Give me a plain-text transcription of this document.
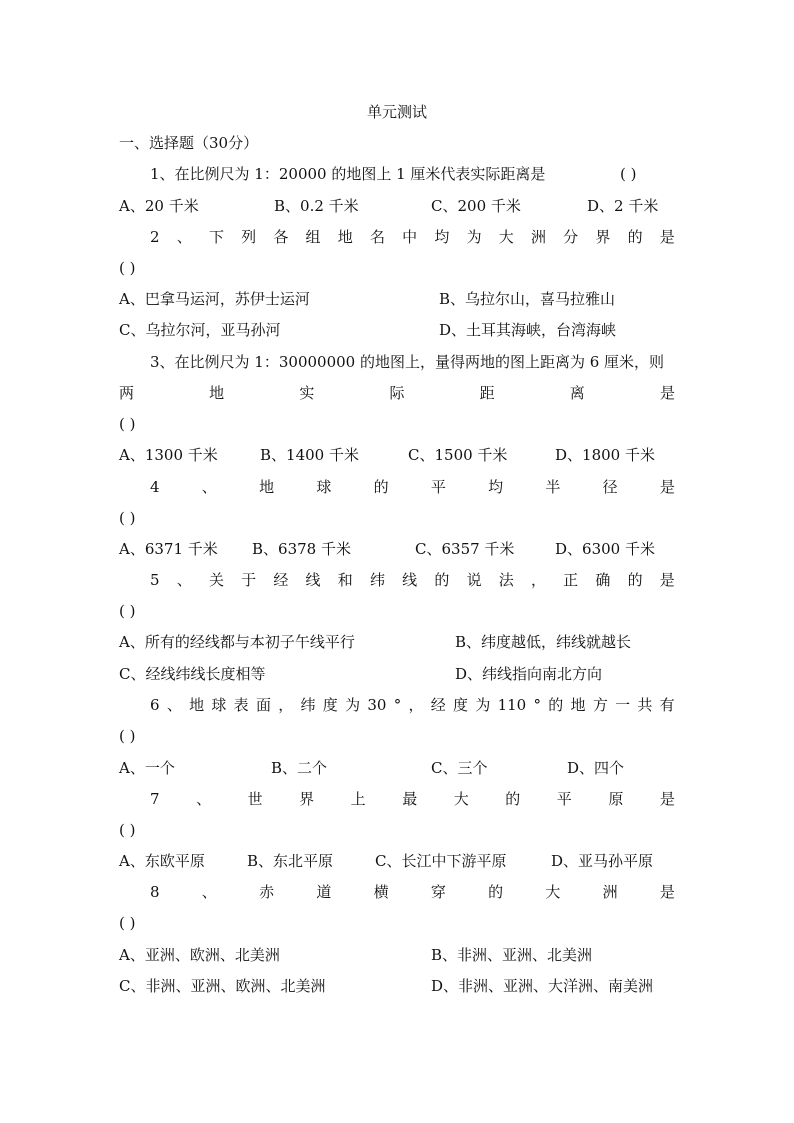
单元测试
一、选择题（30分）
1、在比例尺为 1：20000 的地图上 1 厘米代表实际距离是	( )
A、20 千米	B、0.2 千米	C、200 千米	D、2 千米
2 、 下 列 各 组 地 名 中 均 为 大 洲 分 界 的 是
( )
A、巴拿马运河，苏伊士运河	B、乌拉尔山，喜马拉雅山
C、乌拉尔河，亚马孙河	D、土耳其海峡，台湾海峡
3、在比例尺为 1：30000000 的地图上，量得两地的图上距离为 6 厘米，则
两	地	实	际	距	离	是
( )
A、1300 千米	B、1400 千米	C、1500 千米	D、1800 千米
4	、	地	球	的	平	均	半	径	是
( )
A、6371 千米 B、6378 千米	C、6357 千米	D、6300 千米
5 、 关 于 经 线 和 纬 线 的 说 法 ， 正 确 的 是
( )
A、所有的经线都与本初子午线平行	B、纬度越低，纬线就越长
C、经线纬线长度相等	D、纬线指向南北方向
6 、 地 球 表 面 ， 纬 度 为 30 ° ， 经 度 为 110 ° 的 地 方 一 共 有
( )
A、一个	B、二个	C、三个	D、四个
7 、 世 界 上 最 大 的 平 原 是
( )
A、东欧平原	B、东北平原	C、长江中下游平原	D、亚马孙平原
8	、	赤	道	横	穿	的	大	洲	是
( )
A、亚洲、欧洲、北美洲	B、非洲、亚洲、北美洲
C、非洲、亚洲、欧洲、北美洲	D、非洲、亚洲、大洋洲、南美洲
